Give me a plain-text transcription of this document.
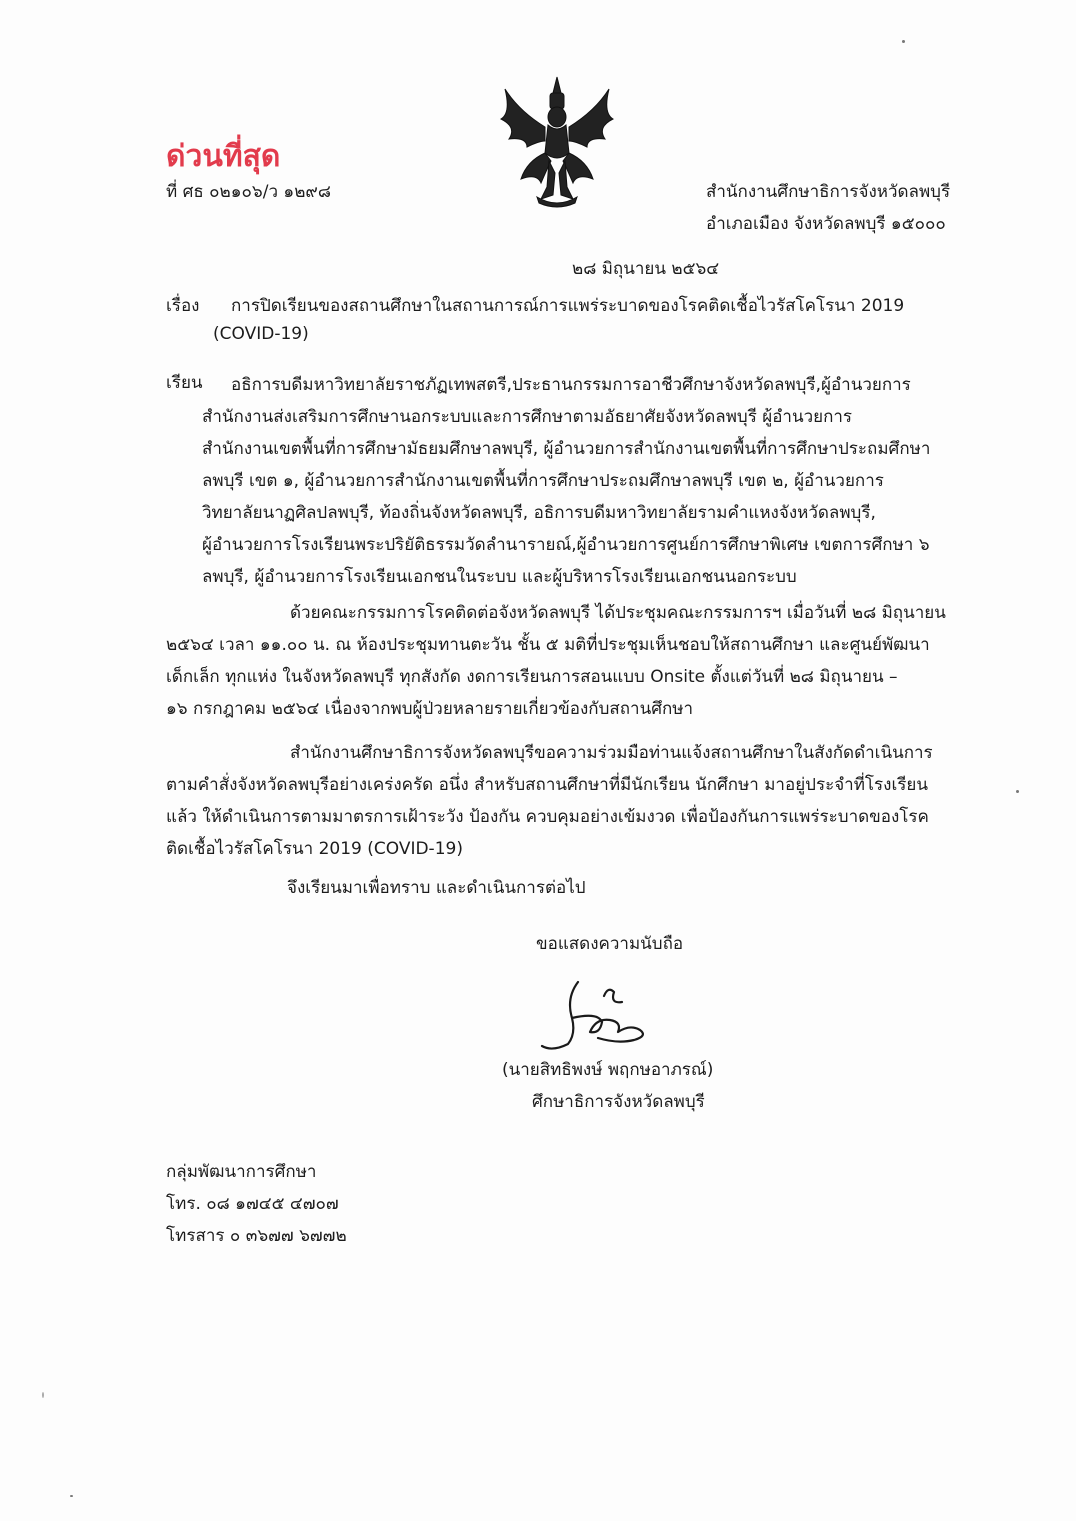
ด่วนที่สุด
ที่ ศธ ๐๒๑๐๖/ว ๑๒๙๘	สำนักงานศึกษาธิการจังหวัดลพบุรี
อำเภอเมือง จังหวัดลพบุรี ๑๕๐๐๐
๒๘ มิถุนายน ๒๕๖๔
เรื่อง การปิดเรียนของสถานศึกษาในสถานการณ์การแพร่ระบาดของโรคติดเชื้อไวรัสโคโรนา 2019
(COVID-19)
เรียน อธิการบดีมหาวิทยาลัยราชภัฏเทพสตรี,ประธานกรรมการอาชีวศึกษาจังหวัดลพบุรี,ผู้อำนวยการ
สำนักงานส่งเสริมการศึกษานอกระบบและการศึกษาตามอัธยาศัยจังหวัดลพบุรี ผู้อำนวยการ
สำนักงานเขตพื้นที่การศึกษามัธยมศึกษาลพบุรี, ผู้อำนวยการสำนักงานเขตพื้นที่การศึกษาประถมศึกษา
ลพบุรี เขต ๑, ผู้อำนวยการสำนักงานเขตพื้นที่การศึกษาประถมศึกษาลพบุรี เขต ๒, ผู้อำนวยการ
วิทยาลัยนาฏศิลปลพบุรี, ท้องถิ่นจังหวัดลพบุรี, อธิการบดีมหาวิทยาลัยรามคำแหงจังหวัดลพบุรี,
ผู้อำนวยการโรงเรียนพระปริยัติธรรมวัดลำนารายณ์,ผู้อำนวยการศูนย์การศึกษาพิเศษ เขตการศึกษา ๖
ลพบุรี, ผู้อำนวยการโรงเรียนเอกชนในระบบ และผู้บริหารโรงเรียนเอกชนนอกระบบ
ด้วยคณะกรรมการโรคติดต่อจังหวัดลพบุรี ได้ประชุมคณะกรรมการฯ เมื่อวันที่ ๒๘ มิถุนายน
๒๕๖๔ เวลา ๑๑.๐๐ น. ณ ห้องประชุมทานตะวัน ชั้น ๕ มติที่ประชุมเห็นชอบให้สถานศึกษา และศูนย์พัฒนา
เด็กเล็ก ทุกแห่ง ในจังหวัดลพบุรี ทุกสังกัด งดการเรียนการสอนแบบ Onsite ตั้งแต่วันที่ ๒๘ มิถุนายน –
๑๖ กรกฎาคม ๒๕๖๔ เนื่องจากพบผู้ป่วยหลายรายเกี่ยวข้องกับสถานศึกษา
สำนักงานศึกษาธิการจังหวัดลพบุรีขอความร่วมมือท่านแจ้งสถานศึกษาในสังกัดดำเนินการ
ตามคำสั่งจังหวัดลพบุรีอย่างเคร่งครัด อนึ่ง สำหรับสถานศึกษาที่มีนักเรียน นักศึกษา มาอยู่ประจำที่โรงเรียน
แล้ว ให้ดำเนินการตามมาตรการเฝ้าระวัง ป้องกัน ควบคุมอย่างเข้มงวด เพื่อป้องกันการแพร่ระบาดของโรค
ติดเชื้อไวรัสโคโรนา 2019 (COVID-19)
จึงเรียนมาเพื่อทราบ และดำเนินการต่อไป
ขอแสดงความนับถือ
(นายสิทธิพงษ์ พฤกษอาภรณ์)
ศึกษาธิการจังหวัดลพบุรี
กลุ่มพัฒนาการศึกษา
โทร. ๐๘ ๑๗๔๕ ๔๗๐๗
โทรสาร ๐ ๓๖๗๗ ๖๗๗๒
